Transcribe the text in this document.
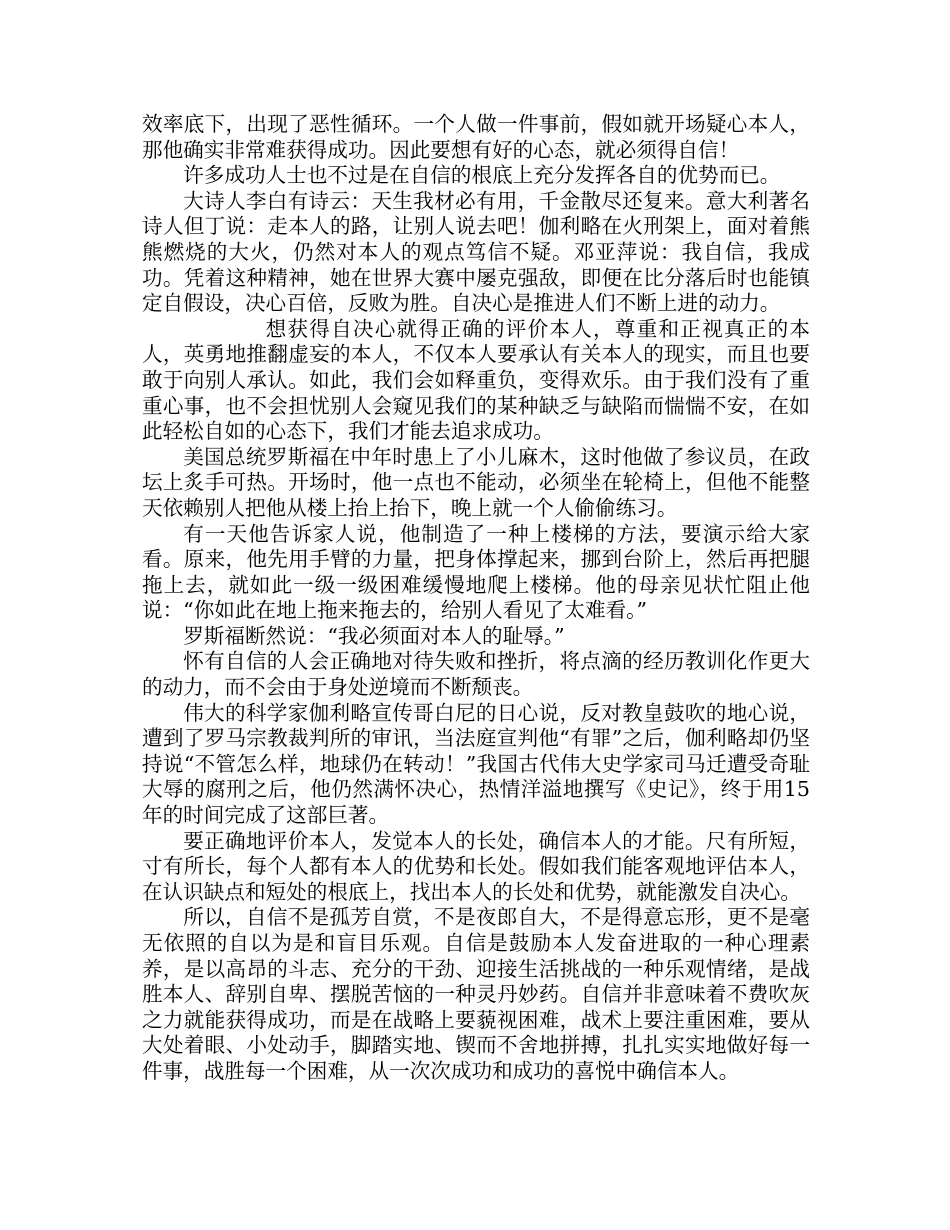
效率底下，出现了恶性循环。一个人做一件事前，假如就开场疑心本人，那他确实非常难获得成功。因此要想有好的心态，就必须得自信！

许多成功人士也不过是在自信的根底上充分发挥各自的优势而已。

大诗人李白有诗云：天生我材必有用，千金散尽还复来。意大利著名诗人但丁说：走本人的路，让别人说去吧！伽利略在火刑架上，面对着熊熊燃烧的大火，仍然对本人的观点笃信不疑。邓亚萍说：我自信，我成功。凭着这种精神，她在世界大赛中屡克强敌，即便在比分落后时也能镇定自假设，决心百倍，反败为胜。自决心是推进人们不断上进的动力。

想获得自决心就得正确的评价本人，尊重和正视真正的本人，英勇地推翻虚妄的本人，不仅本人要承认有关本人的现实，而且也要敢于向别人承认。如此，我们会如释重负，变得欢乐。由于我们没有了重重心事，也不会担忧别人会窥见我们的某种缺乏与缺陷而惴惴不安，在如此轻松自如的心态下，我们才能去追求成功。

美国总统罗斯福在中年时患上了小儿麻木，这时他做了参议员，在政坛上炙手可热。开场时，他一点也不能动，必须坐在轮椅上，但他不能整天依赖别人把他从楼上抬上抬下，晚上就一个人偷偷练习。

有一天他告诉家人说，他制造了一种上楼梯的方法，要演示给大家看。原来，他先用手臂的力量，把身体撑起来，挪到台阶上，然后再把腿拖上去，就如此一级一级困难缓慢地爬上楼梯。他的母亲见状忙阻止他说：“你如此在地上拖来拖去的，给别人看见了太难看。”

罗斯福断然说：“我必须面对本人的耻辱。”

怀有自信的人会正确地对待失败和挫折，将点滴的经历教训化作更大的动力，而不会由于身处逆境而不断颓丧。

伟大的科学家伽利略宣传哥白尼的日心说，反对教皇鼓吹的地心说，遭到了罗马宗教裁判所的审讯，当法庭宣判他“有罪”之后，伽利略却仍坚持说“不管怎么样，地球仍在转动！”我国古代伟大史学家司马迁遭受奇耻大辱的腐刑之后，他仍然满怀决心，热情洋溢地撰写《史记》，终于用15年的时间完成了这部巨著。

要正确地评价本人，发觉本人的长处，确信本人的才能。尺有所短，寸有所长，每个人都有本人的优势和长处。假如我们能客观地评估本人，在认识缺点和短处的根底上，找出本人的长处和优势，就能激发自决心。

所以，自信不是孤芳自赏，不是夜郎自大，不是得意忘形，更不是毫无依照的自以为是和盲目乐观。自信是鼓励本人发奋进取的一种心理素养，是以高昂的斗志、充分的干劲、迎接生活挑战的一种乐观情绪，是战胜本人、辞别自卑、摆脱苦恼的一种灵丹妙药。自信并非意味着不费吹灰之力就能获得成功，而是在战略上要藐视困难，战术上要注重困难，要从大处着眼、小处动手，脚踏实地、锲而不舍地拼搏，扎扎实实地做好每一件事，战胜每一个困难，从一次次成功和成功的喜悦中确信本人。
